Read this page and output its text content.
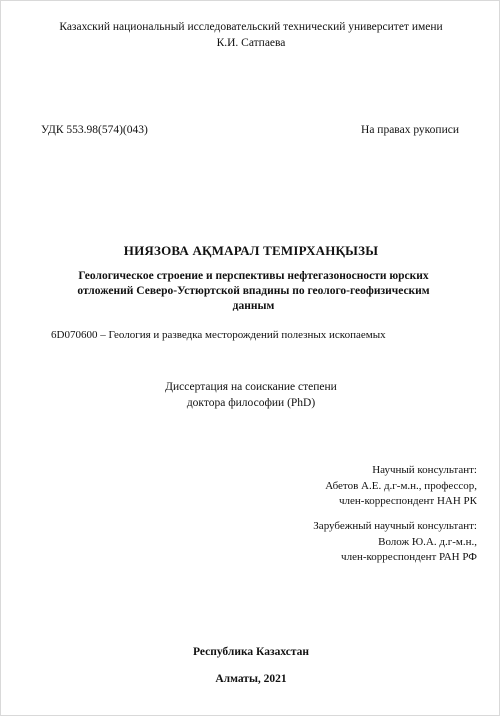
Казахский национальный исследовательский технический университет имени
К.И. Сатпаева
УДК 553.98(574)(043)	На правах рукописи
НИЯЗОВА АҚМАРАЛ ТЕМІРХАНҚЫЗЫ
Геологическое строение и перспективы нефтегазоносности юрских
отложений Северо-Устюртской впадины по геолого-геофизическим
данным
6D070600 – Геология и разведка месторождений полезных ископаемых
Диссертация на соискание степени
доктора философии (PhD)
Научный консультант:
Абетов А.Е. д.г-м.н., профессор,
член-корреспондент НАН РК
Зарубежный научный консультант:
Волож Ю.А. д.г-м.н.,
член-корреспондент РАН РФ
Республика Казахстан
Алматы, 2021
